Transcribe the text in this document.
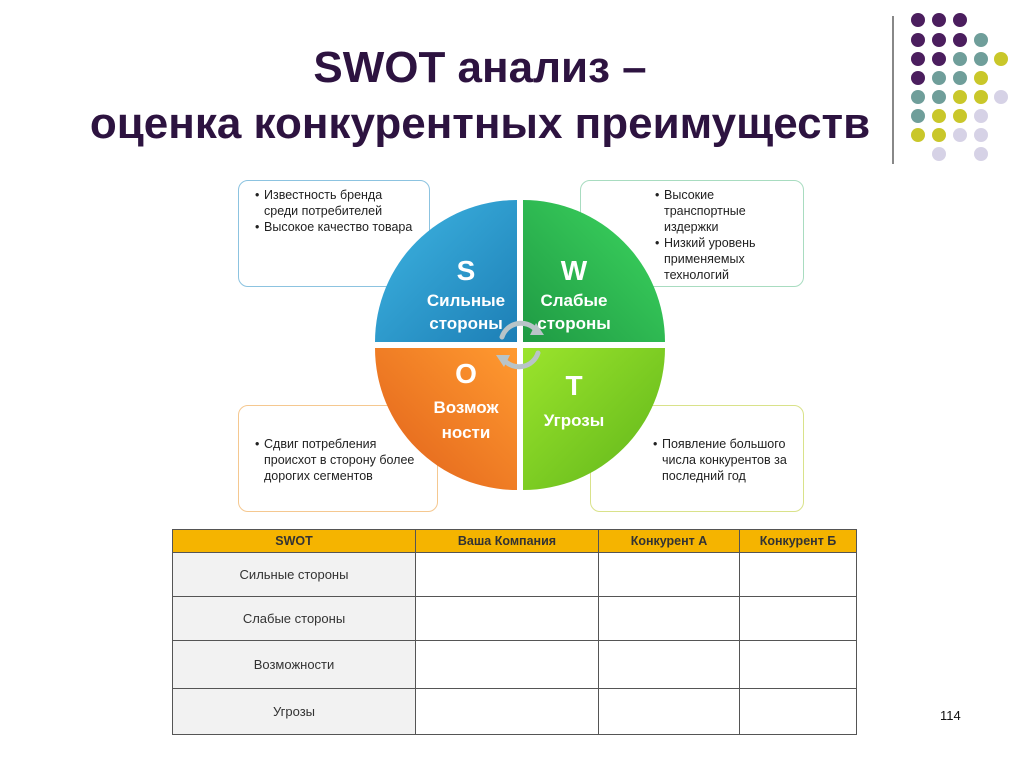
SWOT анализ –
оценка конкурентных преимуществ
• Известность бренда среди потребителей
• Высокое качество товара
• Высокие транспортные издержки
• Низкий уровень применяемых технологий
• Сдвиг потребления происхот в сторону более дорогих сегментов
• Появление большого числа конкурентов за последний год
S
Сильные
стороны
W
Слабые
стороны
O
Возмож
ности
T
Угрозы
SWOT	Ваша Компания	Конкурент А	Конкурент Б
Сильные стороны			
Слабые стороны			
Возможности			
Угрозы				114
